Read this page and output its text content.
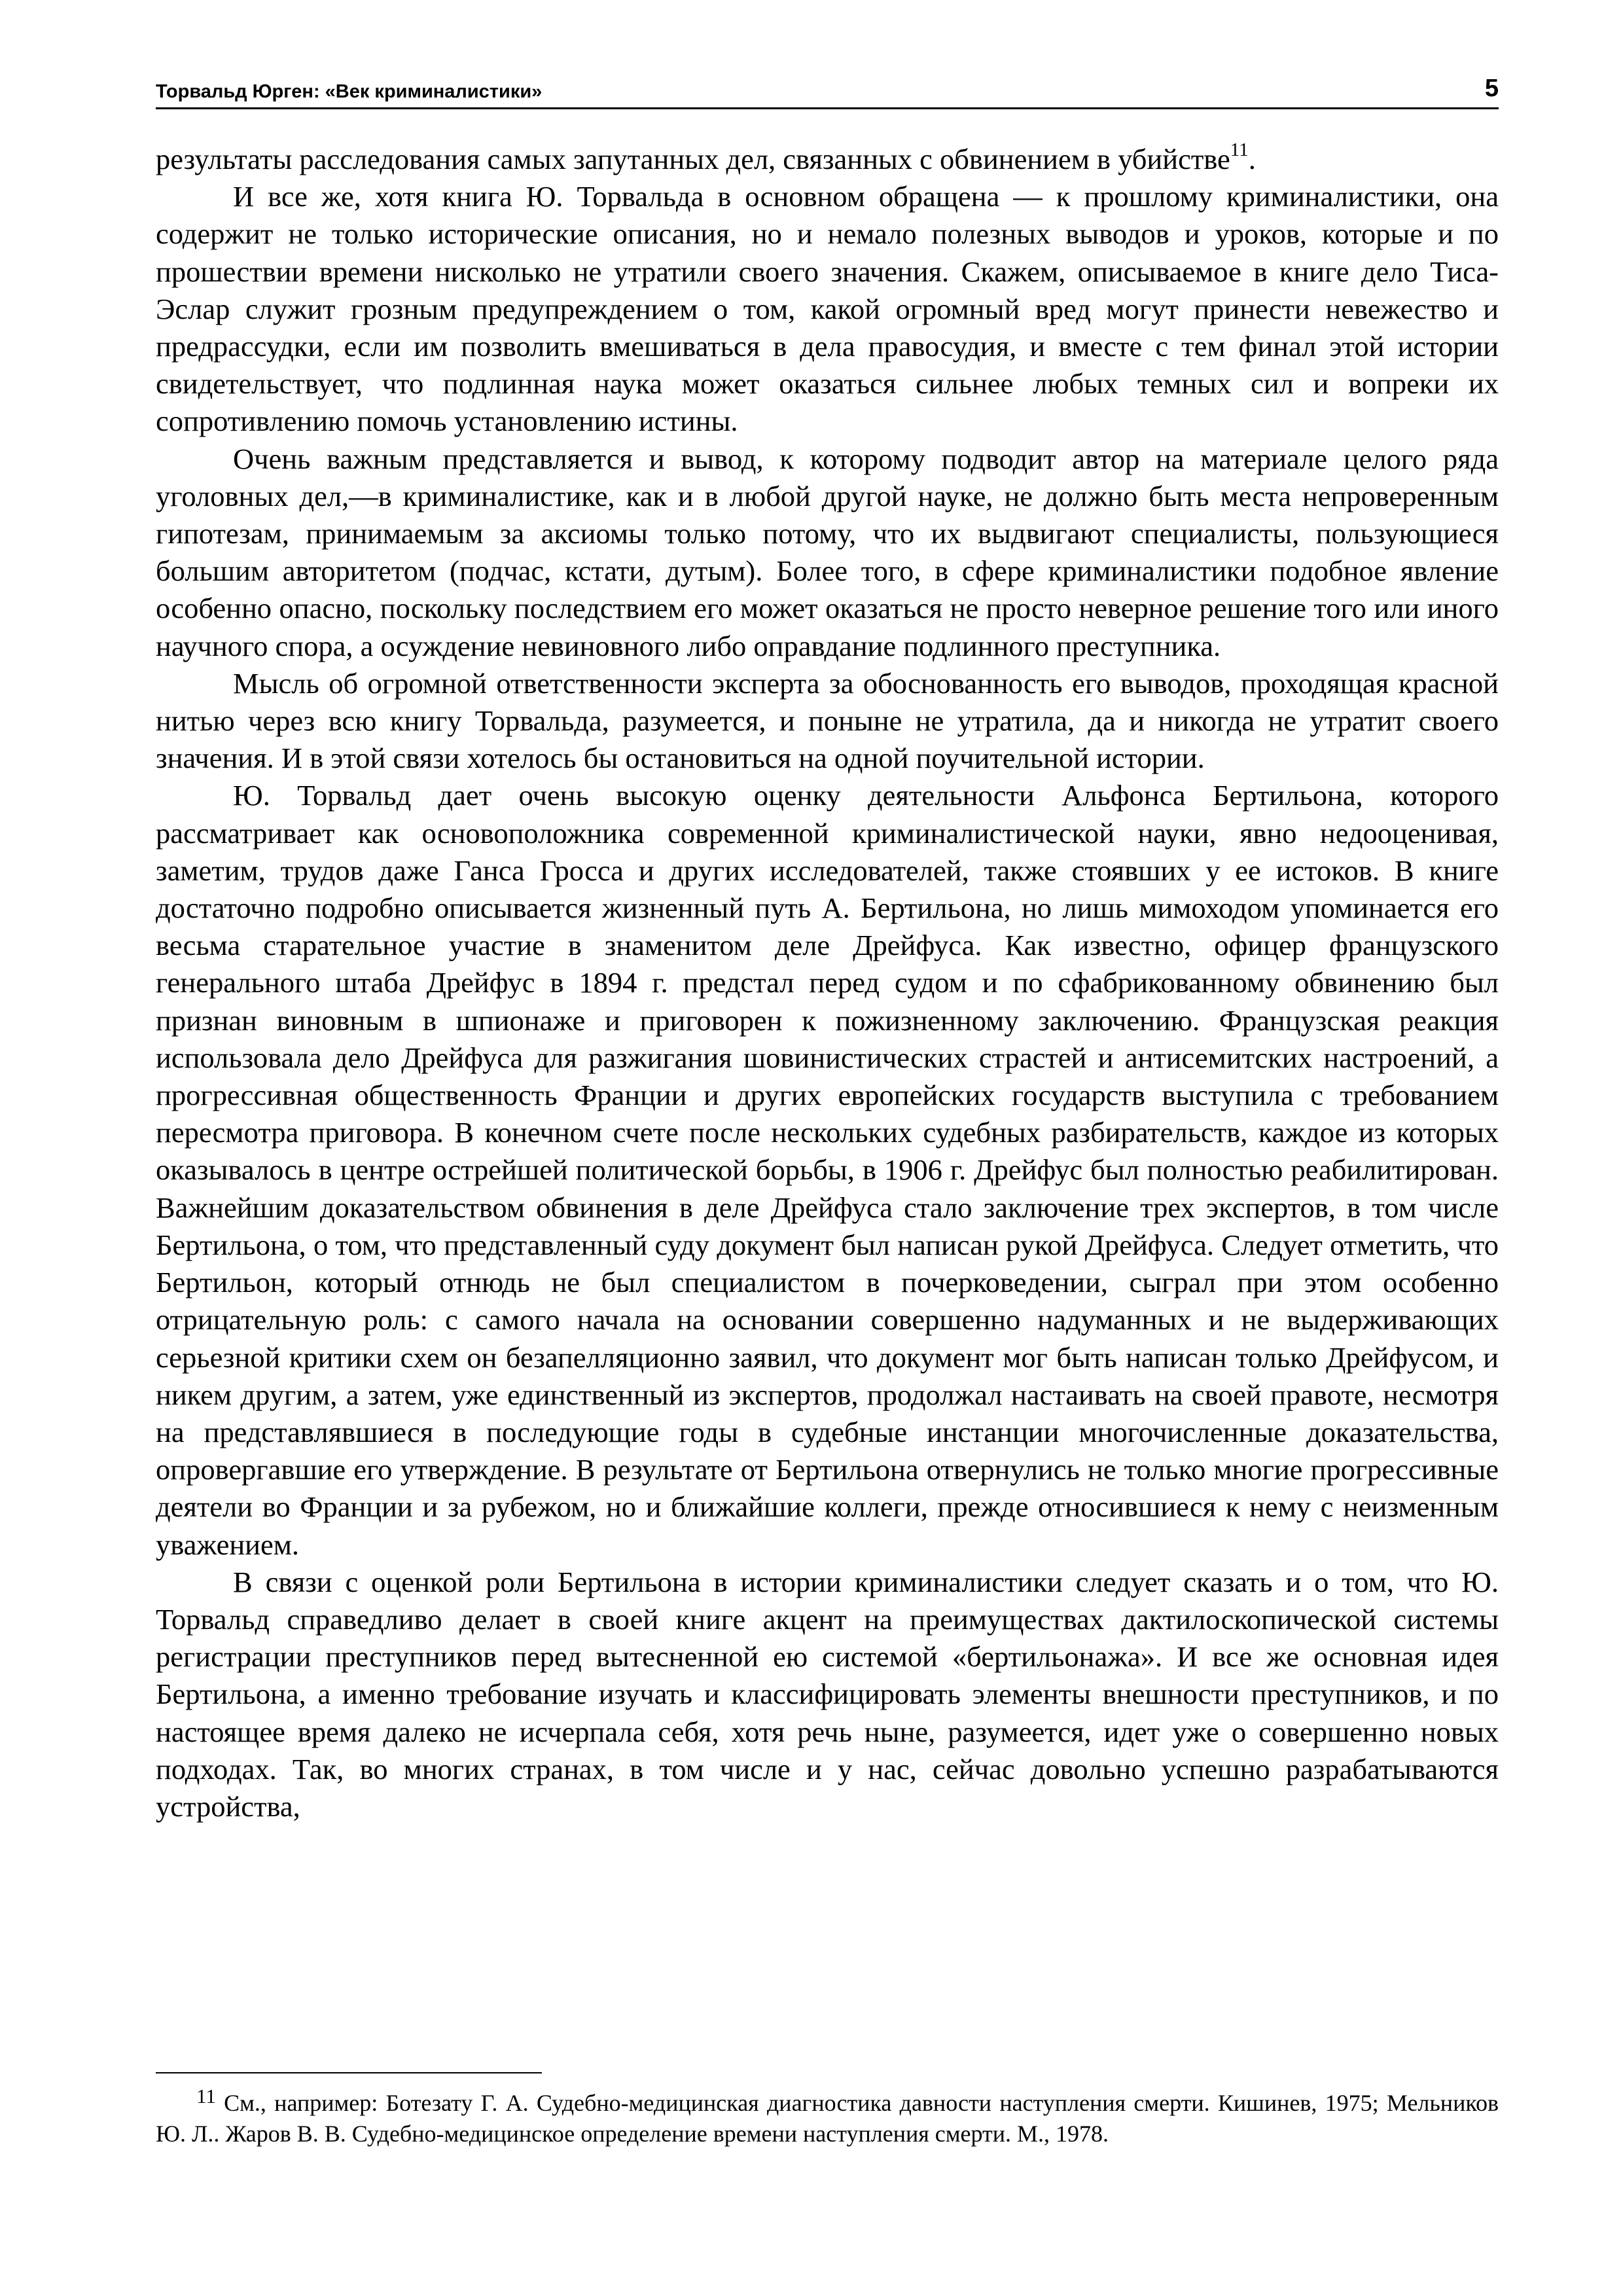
Торвальд Юрген: «Век криминалистики»	5

результаты расследования самых запутанных дел, связанных с обвинением в убийстве$^{11}$.

И все же, хотя книга Ю. Торвальда в основном обращена — к прошлому криминалистики, она содержит не только исторические описания, но и немало полезных выводов и уроков, которые и по прошествии времени нисколько не утратили своего значения. Скажем, описываемое в книге дело Тиса-Эслар служит грозным предупреждением о том, какой огромный вред могут принести невежество и предрассудки, если им позволить вмешиваться в дела правосудия, и вместе с тем финал этой истории свидетельствует, что подлинная наука может оказаться сильнее любых темных сил и вопреки их сопротивлению помочь установлению истины.

Очень важным представляется и вывод, к которому подводит автор на материале целого ряда уголовных дел,—в криминалистике, как и в любой другой науке, не должно быть места непроверенным гипотезам, принимаемым за аксиомы только потому, что их выдвигают специалисты, пользующиеся большим авторитетом (подчас, кстати, дутым). Более того, в сфере криминалистики подобное явление особенно опасно, поскольку последствием его может оказаться не просто неверное решение того или иного научного спора, а осуждение невиновного либо оправдание подлинного преступника.

Мысль об огромной ответственности эксперта за обоснованность его выводов, проходящая красной нитью через всю книгу Торвальда, разумеется, и поныне не утратила, да и никогда не утратит своего значения. И в этой связи хотелось бы остановиться на одной поучительной истории.

Ю. Торвальд дает очень высокую оценку деятельности Альфонса Бертильона, которого рассматривает как основоположника современной криминалистической науки, явно недооценивая, заметим, трудов даже Ганса Гросса и других исследователей, также стоявших у ее истоков. В книге достаточно подробно описывается жизненный путь А. Бертильона, но лишь мимоходом упоминается его весьма старательное участие в знаменитом деле Дрейфуса. Как известно, офицер французского генерального штаба Дрейфус в 1894 г. предстал перед судом и по сфабрикованному обвинению был признан виновным в шпионаже и приговорен к пожизненному заключению. Французская реакция использовала дело Дрейфуса для разжигания шовинистических страстей и антисемитских настроений, а прогрессивная общественность Франции и других европейских государств выступила с требованием пересмотра приговора. В конечном счете после нескольких судебных разбирательств, каждое из которых оказывалось в центре острейшей политической борьбы, в 1906 г. Дрейфус был полностью реабилитирован. Важнейшим доказательством обвинения в деле Дрейфуса стало заключение трех экспертов, в том числе Бертильона, о том, что представленный суду документ был написан рукой Дрейфуса. Следует отметить, что Бертильон, который отнюдь не был специалистом в почерковедении, сыграл при этом особенно отрицательную роль: с самого начала на основании совершенно надуманных и не выдерживающих серьезной критики схем он безапелляционно заявил, что документ мог быть написан только Дрейфусом, и никем другим, а затем, уже единственный из экспертов, продолжал настаивать на своей правоте, несмотря на представлявшиеся в последующие годы в судебные инстанции многочисленные доказательства, опровергавшие его утверждение. В результате от Бертильона отвернулись не только многие прогрессивные деятели во Франции и за рубежом, но и ближайшие коллеги, прежде относившиеся к нему с неизменным уважением.

В связи с оценкой роли Бертильона в истории криминалистики следует сказать и о том, что Ю. Торвальд справедливо делает в своей книге акцент на преимуществах дактилоскопической системы регистрации преступников перед вытесненной ею системой «бертильонажа». И все же основная идея Бертильона, а именно требование изучать и классифицировать элементы внешности преступников, и по настоящее время далеко не исчерпала себя, хотя речь ныне, разумеется, идет уже о совершенно новых подходах. Так, во многих странах, в том числе и у нас, сейчас довольно успешно разрабатываются устройства,

$^{11}$ См., например: Ботезату Г. А. Судебно-медицинская диагностика давности наступления смерти. Кишинев, 1975; Мельников Ю. Л.. Жаров В. В. Судебно-медицинское определение времени наступления смерти. М., 1978.
